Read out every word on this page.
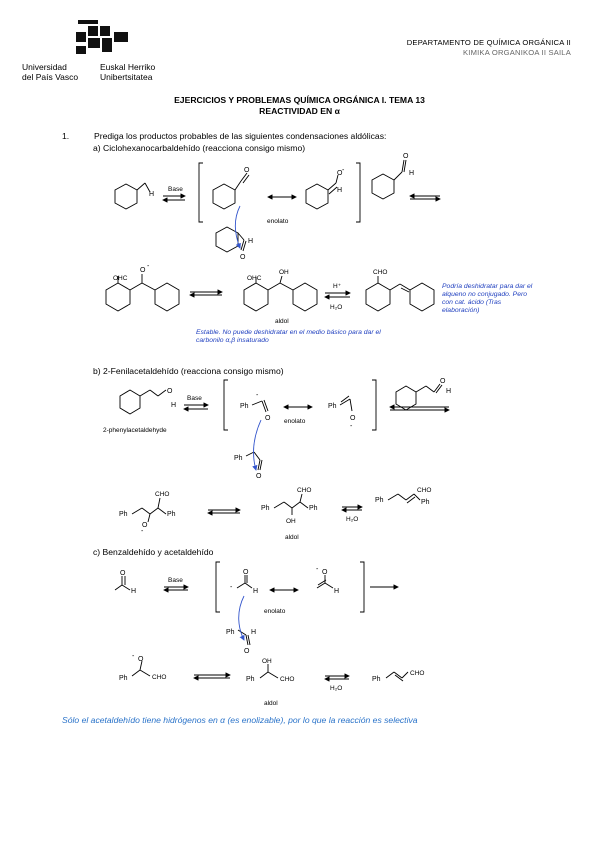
Universidad
del País Vasco
Euskal Herriko
Unibertsitatea
DEPARTAMENTO DE QUÍMICA ORGÁNICA II
KIMIKA ORGANIKOA II SAILA
EJERCICIOS Y PROBLEMAS QUÍMICA ORGÁNICA I. TEMA 13
REACTIVIDAD EN α
1.	Prediga los productos probables de las siguientes condensaciones aldólicas:
a) Ciclohexanocarbaldehído (reacciona consigo mismo)
b) 2-Fenilacetaldehído (reacciona consigo mismo)
c) Benzaldehído y acetaldehído
H
Base
O	O -
H
enolato
O
H
O
H
OHC
O
-
OHC
OH
aldol
H⁺
H₂O
CHO
O
H
2-phenylacetaldehyde
Base
Ph
-
O
Ph
O
-
enolato
O
H
Ph
O
Ph
CHO
Ph
O
-
Ph
CHO
Ph
OH
aldol
H₂O
Ph
CHO
Ph
O
H
Base
-
O
H
O
-
H
enolato
Ph H
O
O
-
Ph	CHO
OH
Ph	CHO
aldol
H₂O
Ph
CHO
Podría deshidratar para dar el alqueno no conjugado. Pero con cat. ácido (Tras elaboración)
Estable. No puede deshidratar en el medio básico para dar el carbonilo α,β insaturado
Sólo el acetaldehído tiene hidrógenos en α (es enolizable), por lo que la reacción es selectiva
